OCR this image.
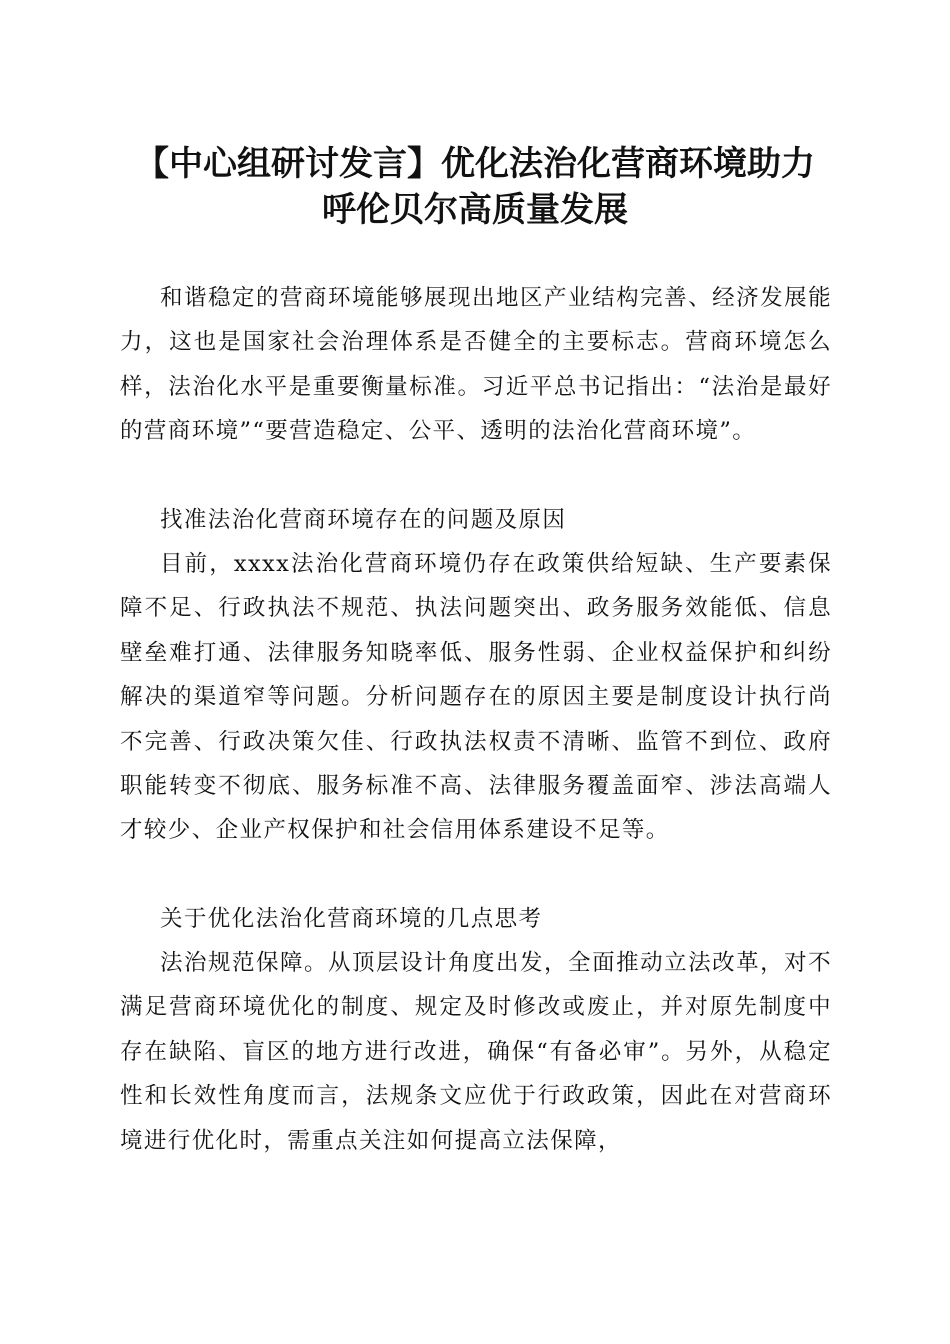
【中心组研讨发言】优化法治化营商环境助力
呼伦贝尔高质量发展

和谐稳定的营商环境能够展现出地区产业结构完善、经济发展能力，这也是国家社会治理体系是否健全的主要标志。营商环境怎么样，法治化水平是重要衡量标准。习近平总书记指出：“法治是最好的营商环境”“要营造稳定、公平、透明的法治化营商环境”。

找准法治化营商环境存在的问题及原因

目前，xxxx法治化营商环境仍存在政策供给短缺、生产要素保障不足、行政执法不规范、执法问题突出、政务服务效能低、信息壁垒难打通、法律服务知晓率低、服务性弱、企业权益保护和纠纷解决的渠道窄等问题。分析问题存在的原因主要是制度设计执行尚不完善、行政决策欠佳、行政执法权责不清晰、监管不到位、政府职能转变不彻底、服务标准不高、法律服务覆盖面窄、涉法高端人才较少、企业产权保护和社会信用体系建设不足等。

关于优化法治化营商环境的几点思考

法治规范保障。从顶层设计角度出发，全面推动立法改革，对不满足营商环境优化的制度、规定及时修改或废止，并对原先制度中存在缺陷、盲区的地方进行改进，确保“有备必审”。另外，从稳定性和长效性角度而言，法规条文应优于行政政策，因此在对营商环境进行优化时，需重点关注如何提高立法保障，
